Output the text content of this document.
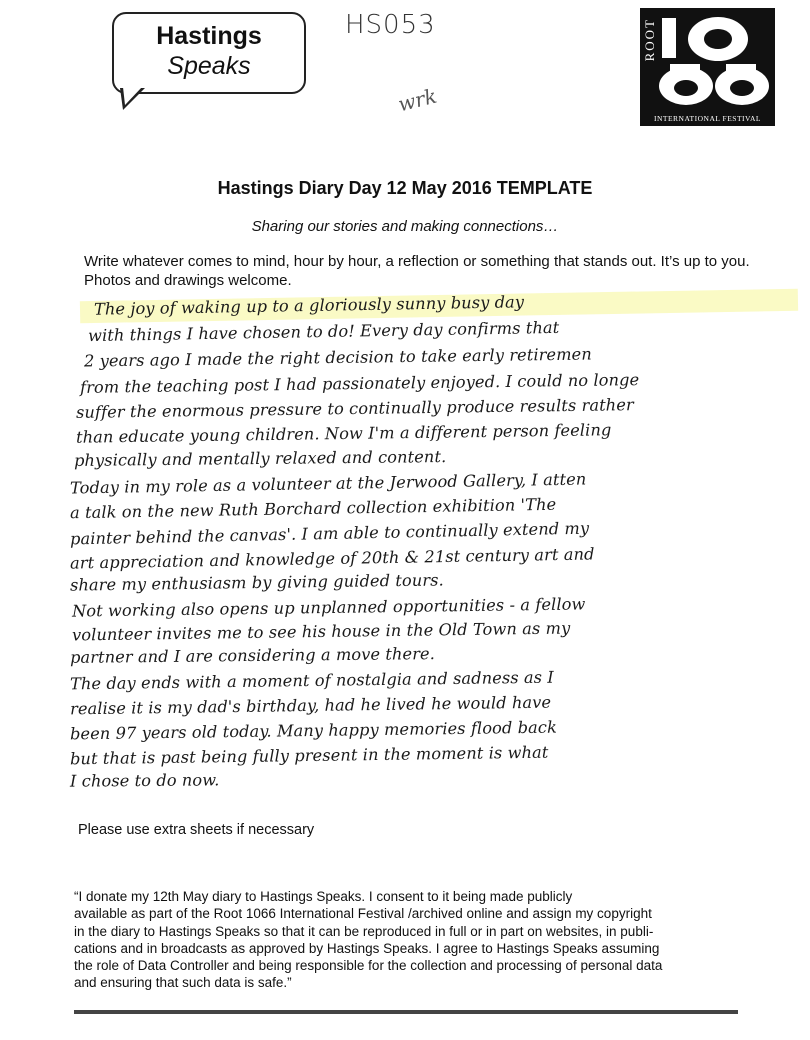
Hastings
Speaks
HS053
wrk
ROOT
INTERNATIONAL FESTIVAL
Hastings Diary Day 12 May 2016 TEMPLATE
Sharing our stories and making connections…
Write whatever comes to mind, hour by hour, a reflection or something that stands out. It’s up to you. Photos and drawings welcome.
The joy of waking up to a gloriously sunny busy day
with things I have chosen to do! Every day confirms that
2 years ago I made the right decision to take early retiremen
from the teaching post I had passionately enjoyed. I could no longe
suffer the enormous pressure to continually produce results rather
than educate young children. Now I'm a different person feeling
physically and mentally relaxed and content.
Today in my role as a volunteer at the Jerwood Gallery, I atten
a talk on the new Ruth Borchard collection exhibition 'The
painter behind the canvas'. I am able to continually extend my
art appreciation and knowledge of 20th & 21st century art and
share my enthusiasm by giving guided tours.
Not working also opens up unplanned opportunities - a fellow
volunteer invites me to see his house in the Old Town as my
partner and I are considering a move there.
The day ends with a moment of nostalgia and sadness as I
realise it is my dad's birthday, had he lived he would have
been 97 years old today. Many happy memories flood back
but that is past being fully present in the moment is what
I chose to do now.
Please use extra sheets if necessary
“I donate my 12th May diary to Hastings Speaks. I consent to it being made publicly
available as part of the Root 1066 International Festival /archived online and assign my copyright
in the diary to Hastings Speaks so that it can be reproduced in full or in part on websites, in publi-
cations and in broadcasts as approved by Hastings Speaks. I agree to Hastings Speaks assuming
the role of Data Controller and being responsible for the collection and processing of personal data
and ensuring that such data is safe.”
